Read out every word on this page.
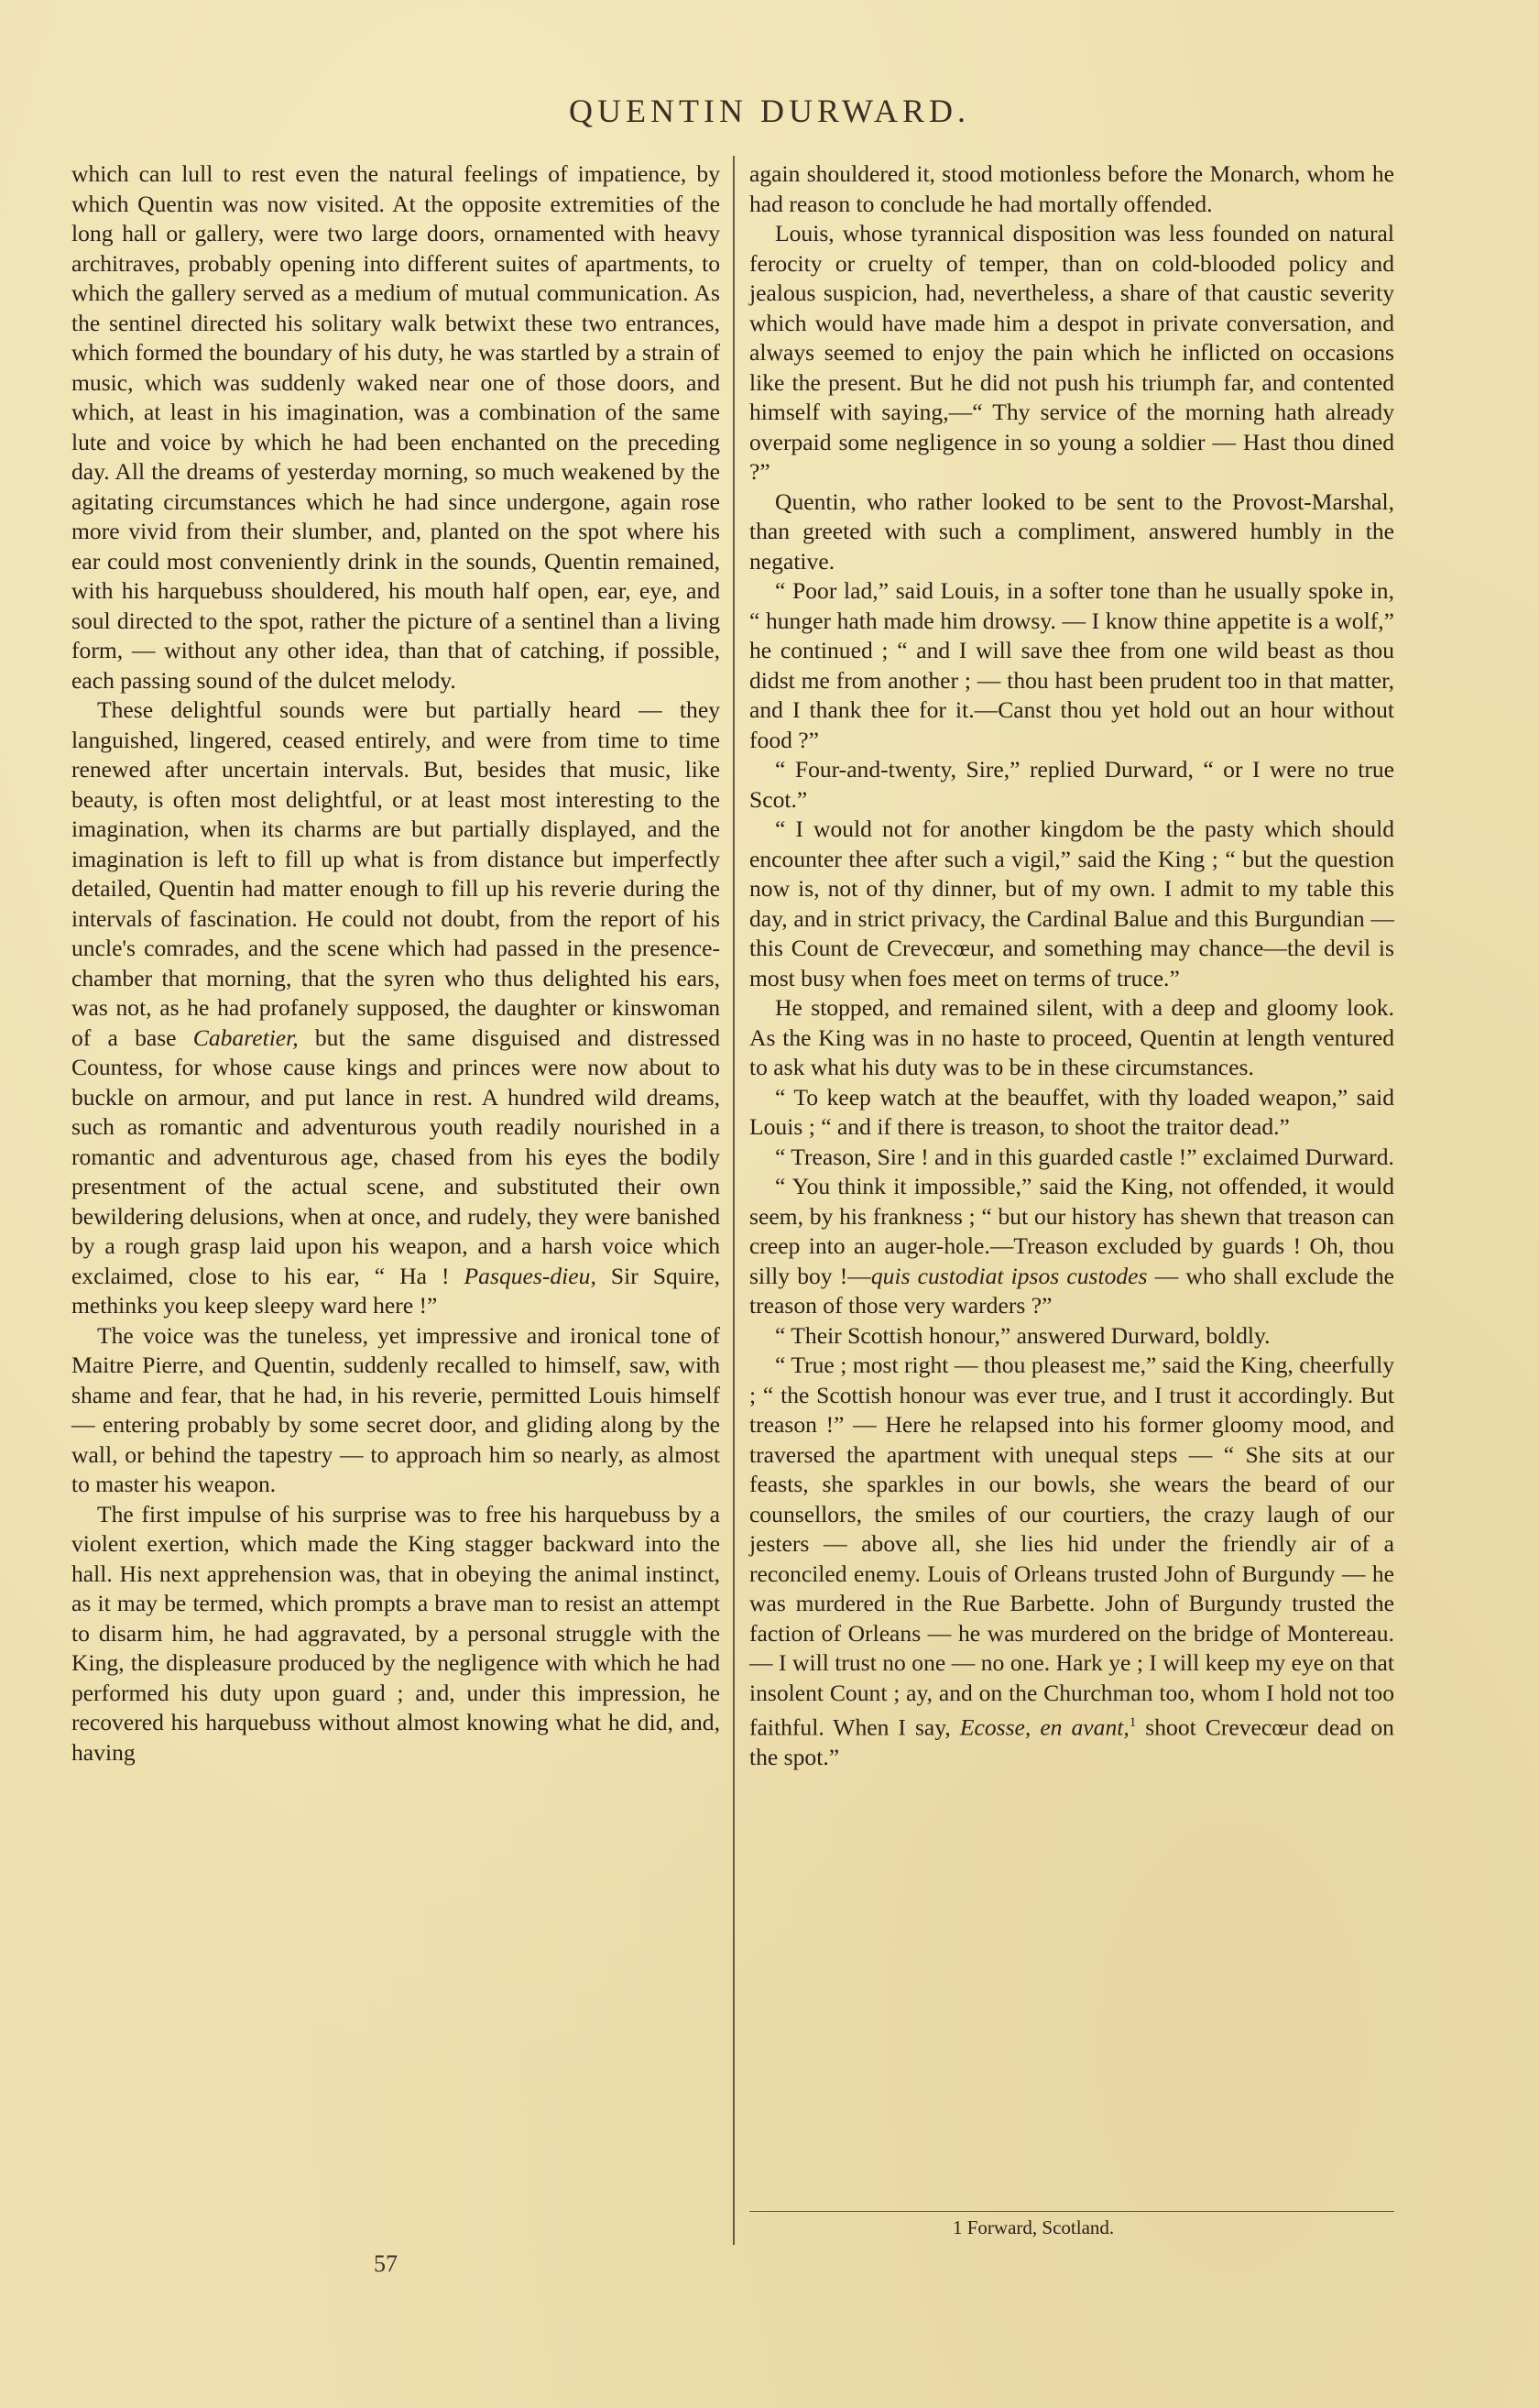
QUENTIN DURWARD.

which can lull to rest even the natural feelings of impatience, by which Quentin was now visited. At the opposite extremities of the long hall or gallery, were two large doors, ornamented with heavy architraves, probably opening into different suites of apartments, to which the gallery served as a medium of mutual communication. As the sentinel directed his solitary walk betwixt these two entrances, which formed the boundary of his duty, he was startled by a strain of music, which was suddenly waked near one of those doors, and which, at least in his imagination, was a combination of the same lute and voice by which he had been enchanted on the preceding day. All the dreams of yesterday morning, so much weakened by the agitating circumstances which he had since undergone, again rose more vivid from their slumber, and, planted on the spot where his ear could most conveniently drink in the sounds, Quentin remained, with his harquebuss shouldered, his mouth half open, ear, eye, and soul directed to the spot, rather the picture of a sentinel than a living form, — without any other idea, than that of catching, if possible, each passing sound of the dulcet melody.

These delightful sounds were but partially heard — they languished, lingered, ceased entirely, and were from time to time renewed after uncertain intervals. But, besides that music, like beauty, is often most delightful, or at least most interesting to the imagination, when its charms are but partially displayed, and the imagination is left to fill up what is from distance but imperfectly detailed, Quentin had matter enough to fill up his reverie during the intervals of fascination. He could not doubt, from the report of his uncle's comrades, and the scene which had passed in the presence-chamber that morning, that the syren who thus delighted his ears, was not, as he had profanely supposed, the daughter or kinswoman of a base Cabaretier, but the same disguised and distressed Countess, for whose cause kings and princes were now about to buckle on armour, and put lance in rest. A hundred wild dreams, such as romantic and adventurous youth readily nourished in a romantic and adventurous age, chased from his eyes the bodily presentment of the actual scene, and substituted their own bewildering delusions, when at once, and rudely, they were banished by a rough grasp laid upon his weapon, and a harsh voice which exclaimed, close to his ear, “ Ha ! Pasques-dieu, Sir Squire, methinks you keep sleepy ward here !”

The voice was the tuneless, yet impressive and ironical tone of Maitre Pierre, and Quentin, suddenly recalled to himself, saw, with shame and fear, that he had, in his reverie, permitted Louis himself — entering probably by some secret door, and gliding along by the wall, or behind the tapestry — to approach him so nearly, as almost to master his weapon.

The first impulse of his surprise was to free his harquebuss by a violent exertion, which made the King stagger backward into the hall. His next apprehension was, that in obeying the animal instinct, as it may be termed, which prompts a brave man to resist an attempt to disarm him, he had aggravated, by a personal struggle with the King, the displeasure produced by the negligence with which he had performed his duty upon guard ; and, under this impression, he recovered his harquebuss without almost knowing what he did, and, having

again shouldered it, stood motionless before the Monarch, whom he had reason to conclude he had mortally offended.

Louis, whose tyrannical disposition was less founded on natural ferocity or cruelty of temper, than on cold-blooded policy and jealous suspicion, had, nevertheless, a share of that caustic severity which would have made him a despot in private conversation, and always seemed to enjoy the pain which he inflicted on occasions like the present. But he did not push his triumph far, and contented himself with saying,—“ Thy service of the morning hath already overpaid some negligence in so young a soldier — Hast thou dined ?”

Quentin, who rather looked to be sent to the Provost-Marshal, than greeted with such a compliment, answered humbly in the negative.

“ Poor lad,” said Louis, in a softer tone than he usually spoke in, “ hunger hath made him drowsy. — I know thine appetite is a wolf,” he continued ; “ and I will save thee from one wild beast as thou didst me from another ; — thou hast been prudent too in that matter, and I thank thee for it.—Canst thou yet hold out an hour without food ?”

“ Four-and-twenty, Sire,” replied Durward, “ or I were no true Scot.”

“ I would not for another kingdom be the pasty which should encounter thee after such a vigil,” said the King ; “ but the question now is, not of thy dinner, but of my own. I admit to my table this day, and in strict privacy, the Cardinal Balue and this Burgundian — this Count de Crevecœur, and something may chance—the devil is most busy when foes meet on terms of truce.”

He stopped, and remained silent, with a deep and gloomy look. As the King was in no haste to proceed, Quentin at length ventured to ask what his duty was to be in these circumstances.

“ To keep watch at the beauffet, with thy loaded weapon,” said Louis ; “ and if there is treason, to shoot the traitor dead.”

“ Treason, Sire ! and in this guarded castle !” exclaimed Durward.

“ You think it impossible,” said the King, not offended, it would seem, by his frankness ; “ but our history has shewn that treason can creep into an auger-hole.—Treason excluded by guards ! Oh, thou silly boy !—quis custodiat ipsos custodes — who shall exclude the treason of those very warders ?”

“ Their Scottish honour,” answered Durward, boldly.

“ True ; most right — thou pleasest me,” said the King, cheerfully ; “ the Scottish honour was ever true, and I trust it accordingly. But treason !” — Here he relapsed into his former gloomy mood, and traversed the apartment with unequal steps — “ She sits at our feasts, she sparkles in our bowls, she wears the beard of our counsellors, the smiles of our courtiers, the crazy laugh of our jesters — above all, she lies hid under the friendly air of a reconciled enemy. Louis of Orleans trusted John of Burgundy — he was murdered in the Rue Barbette. John of Burgundy trusted the faction of Orleans — he was murdered on the bridge of Montereau. — I will trust no one — no one. Hark ye ; I will keep my eye on that insolent Count ; ay, and on the Churchman too, whom I hold not too faithful. When I say, Ecosse, en avant,$^1$ shoot Crevecœur dead on the spot.”

1 Forward, Scotland.
57
